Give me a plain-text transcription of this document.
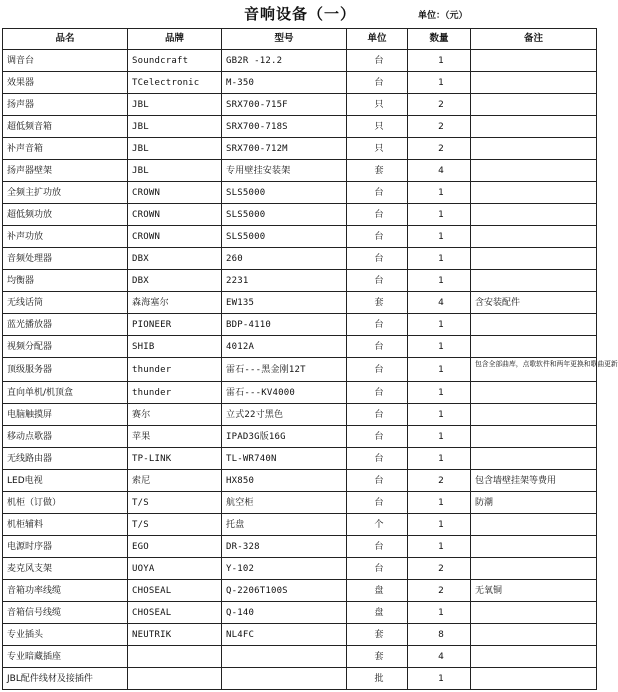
音响设备（一）	单位：（元）
品名	品牌	型号	单位	数量	备注
调音台	Soundcraft	GB2R -12.2	台	1	
效果器	TCelectronic	M-350	台	1	
扬声器	JBL	SRX700-715F	只	2	
超低频音箱	JBL	SRX700-718S	只	2	
补声音箱	JBL	SRX700-712M	只	2	
扬声器壁架	JBL	专用壁挂安装架	套	4	
全频主扩功放	CROWN	SLS5000	台	1	
超低频功放	CROWN	SLS5000	台	1	
补声功放	CROWN	SLS5000	台	1	
音频处理器	DBX	260	台	1	
均衡器	DBX	2231	台	1	
无线话筒	森海塞尔	EW135	套	4	含安装配件
蓝光播放器	PIONEER	BDP-4110	台	1	
视频分配器	SHIB	4012A	台	1	
顶级服务器	thunder	雷石---黑金刚12T	台	1	包含全部曲库，点歌软件和两年更换和歌曲更新
直向单机/机顶盒	thunder	雷石---KV4000	台	1	
电脑触摸屏	赛尔	立式22寸黑色	台	1	
移动点歌器	苹果	IPAD3G版16G	台	1	
无线路由器	TP-LINK	TL-WR740N	台	1	
LED电视	索尼	HX850	台	2	包含墙壁挂架等费用
机柜（订做）	T/S	航空柜	台	1	防潮
机柜辅料	T/S	托盘	个	1	
电源时序器	EGO	DR-328	台	1	
麦克风支架	UOYA	Y-102	台	2	
音箱功率线缆	CHOSEAL	Q-2206T100S	盘	2	无氧铜
音箱信号线缆	CHOSEAL	Q-140	盘	1	
专业插头	NEUTRIK	NL4FC	套	8	
专业暗藏插座			套	4	
JBL配件线材及接插件			批	1	
